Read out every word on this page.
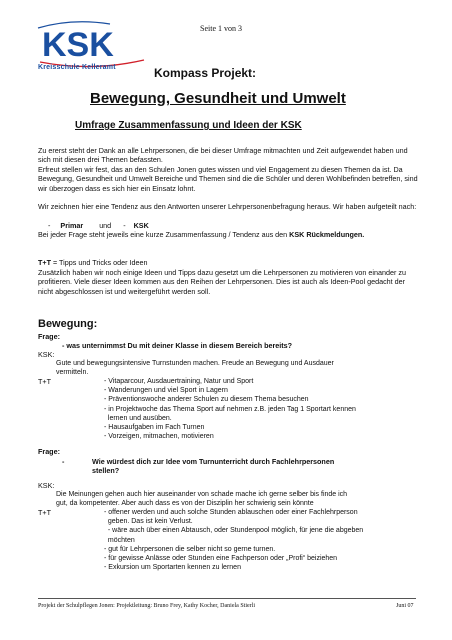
Seite 1 von 3
KSK
Kreisschule Kelleramt	Kompass Projekt:
Bewegung, Gesundheit und Umwelt
Umfrage Zusammenfassung und Ideen der KSK
Zu ererst steht der Dank an alle Lehrpersonen, die bei dieser Umfrage mitmachten und Zeit aufgewendet haben und sich mit diesen drei Themen befassten.
Erfreut stellen wir fest, das an den Schulen Jonen gutes wissen und viel Engagement zu diesen Themen da ist. Da Bewegung, Gesundheit und Umwelt Bereiche und Themen sind die die Schüler und deren Wohlbefinden betreffen, sind wir überzogen dass es sich hier ein Einsatz lohnt.
Wir zeichnen hier eine Tendenz aus den Antworten unserer Lehrpersonenbefragung heraus. Wir haben aufgeteilt nach:
- Primar und - KSK
Bei jeder Frage steht jeweils eine kurze Zusammenfassung / Tendenz aus den KSK Rückmeldungen.
T+T = Tipps und Tricks oder Ideen
Zusätzlich haben wir noch einige Ideen und Tipps dazu gesetzt um die Lehrpersonen zu motivieren von einander zu profitieren. Viele dieser Ideen kommen aus den Reihen der Lehrpersonen. Dies ist auch als Ideen-Pool gedacht der nicht abgeschlossen ist und weitergeführt werden soll.
Bewegung:
Frage:
- was unternimmst Du mit deiner Klasse in diesem Bereich bereits?
KSK:
Gute und bewegungsintensive Turnstunden machen. Freude an Bewegung und Ausdauer
vermitteln.
T+T	- Vitaparcour, Ausdauertraining, Natur und Sport
- Wanderungen und viel Sport in Lagern
- Präventionswoche anderer Schulen zu diesem Thema besuchen
- in Projektwoche das Thema Sport auf nehmen z.B. jeden Tag 1 Sportart kennen
lernen und ausüben.
- Hausaufgaben im Fach Turnen
- Vorzeigen, mitmachen, motivieren
Frage:
-	Wie würdest dich zur Idee vom Turnunterricht durch Fachlehrpersonen
stellen?
KSK:
Die Meinungen gehen auch hier auseinander von schade mache ich gerne selber bis finde ich
gut, da kompetenter. Aber auch dass es von der Disziplin her schwierig sein könnte
T+T	- offener werden und auch solche Stunden ablauschen oder einer Fachlehrperson
geben. Das ist kein Verlust.
- wäre auch über einen Abtausch, oder Stundenpool möglich, für jene die abgeben
möchten
- gut für Lehrpersonen die selber nicht so gerne turnen.
- für gewisse Anlässe oder Stunden eine Fachperson oder „Profi“ beiziehen
- Exkursion um Sportarten kennen zu lernen
Projekt der Schulpflegen Jonen: Projektleitung: Bruno Frey, Kathy Kocher, Daniela Stierli	Juni 07
